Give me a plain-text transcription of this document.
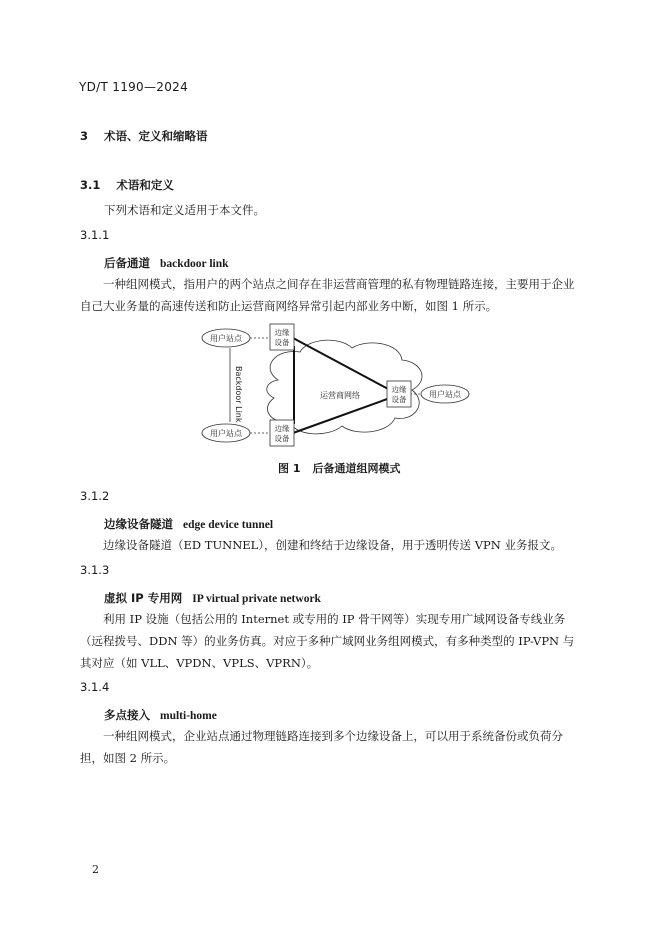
YD/T 1190—2024
3 术语、定义和缩略语
3.1 术语和定义
下列术语和定义适用于本文件。
3.1.1
后备通道 backdoor link
一种组网模式，指用户的两个站点之间存在非运营商管理的私有物理链路连接，主要用于企业自己大业务量的高速传送和防止运营商网络异常引起内部业务中断，如图 1 所示。
Backdoor Link
用户站点
用户站点
用户站点
边缘
设备
边缘
设备
边缘
设备
运营商网络
图 1 后备通道组网模式
3.1.2
边缘设备隧道 edge device tunnel
边缘设备隧道（ED TUNNEL），创建和终结于边缘设备，用于透明传送 VPN 业务报文。
3.1.3
虚拟 IP 专用网 IP virtual private network
利用 IP 设施（包括公用的 Internet 或专用的 IP 骨干网等）实现专用广域网设备专线业务（远程拨号、DDN 等）的业务仿真。对应于多种广域网业务组网模式，有多种类型的 IP-VPN 与其对应（如 VLL、VPDN、VPLS、VPRN）。
3.1.4
多点接入 multi-home
一种组网模式，企业站点通过物理链路连接到多个边缘设备上，可以用于系统备份或负荷分担，如图 2 所示。
2
